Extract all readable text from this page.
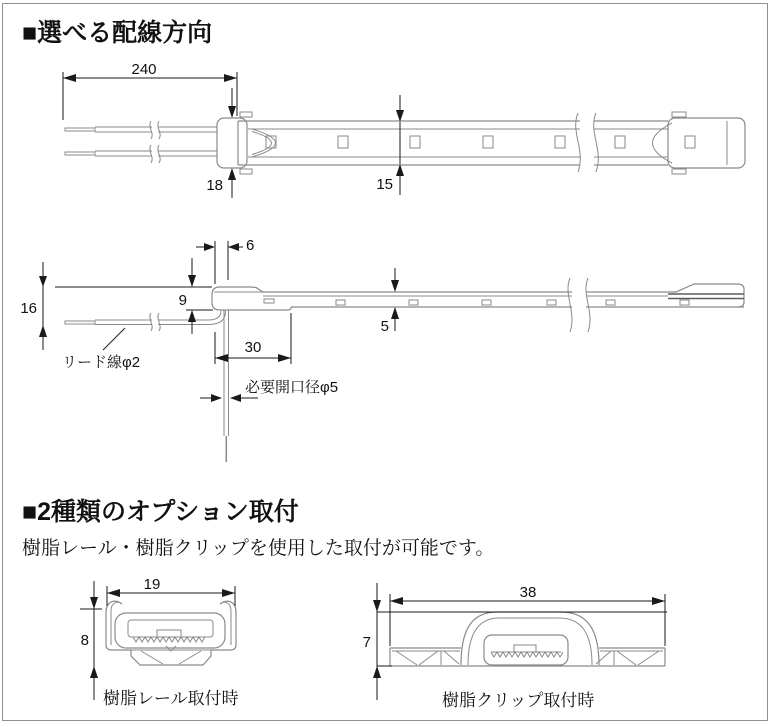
■選べる配線方向
■2種類のオプション取付
樹脂レール・樹脂クリップを使用した取付が可能です。
樹脂レール取付時	樹脂クリップ取付時
240
18	15
16	9
6
30
5
リード線φ2
必要開口径φ5
19
8
38
7
